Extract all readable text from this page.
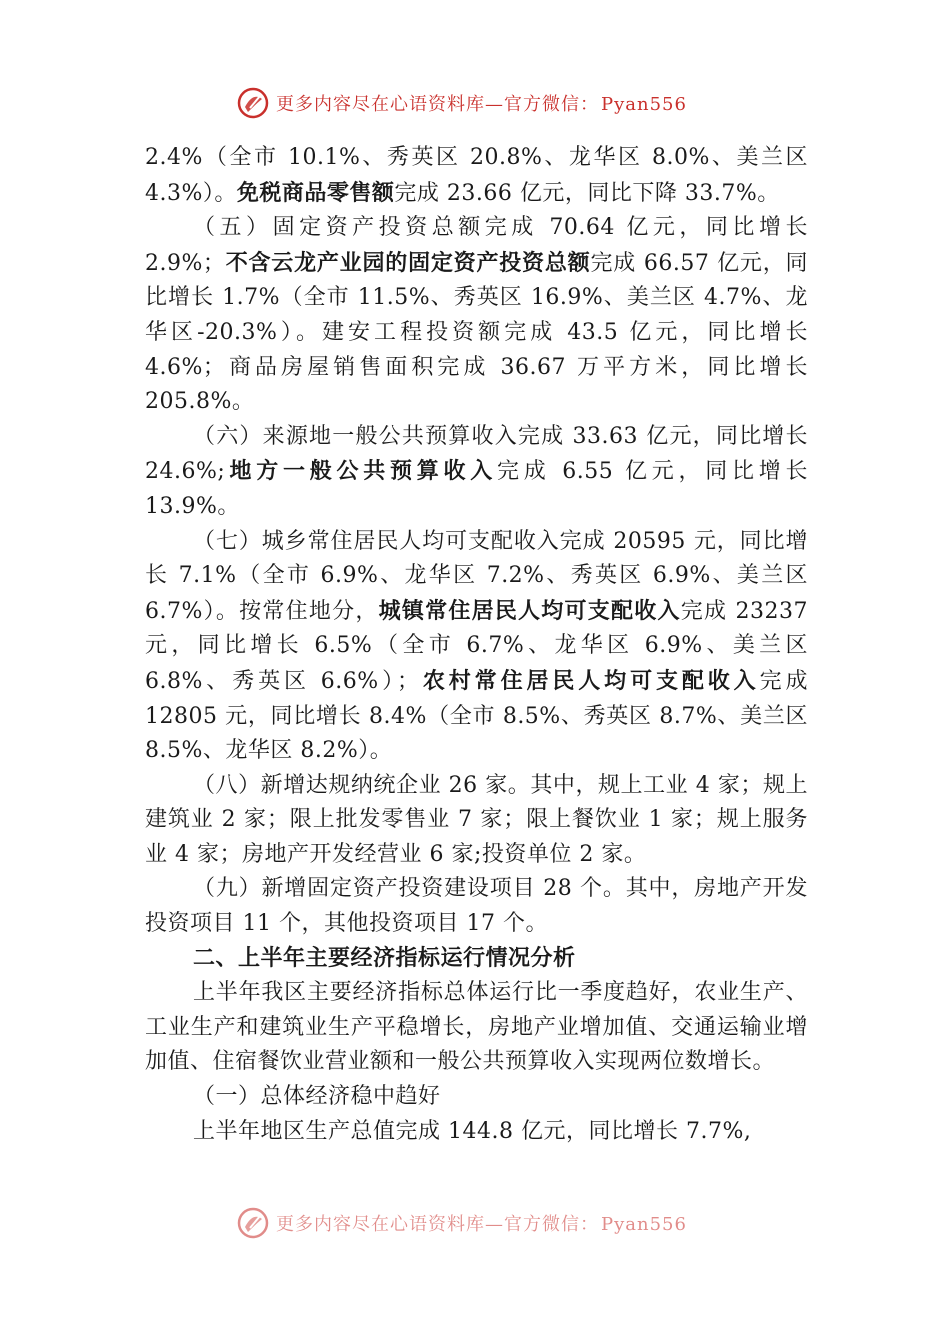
更多内容尽在心语资料库—官方微信： Pyan556

2.4%（全市 10.1%、秀英区 20.8%、龙华区 8.0%、美兰区 4.3%）。免税商品零售额完成 23.66 亿元，同比下降 33.7%。

（五）固定资产投资总额完成 70.64 亿元，同比增长 2.9%；不含云龙产业园的固定资产投资总额完成 66.57 亿元，同比增长 1.7%（全市 11.5%、秀英区 16.9%、美兰区 4.7%、龙华区-20.3%）。建安工程投资额完成 43.5 亿元，同比增长 4.6%；商品房屋销售面积完成 36.67 万平方米，同比增长 205.8%。

（六）来源地一般公共预算收入完成 33.63 亿元，同比增长 24.6%;地方一般公共预算收入完成 6.55 亿元，同比增长 13.9%。

（七）城乡常住居民人均可支配收入完成 20595 元，同比增长 7.1%（全市 6.9%、龙华区 7.2%、秀英区 6.9%、美兰区 6.7%）。按常住地分，城镇常住居民人均可支配收入完成 23237 元，同比增长 6.5%（全市 6.7%、龙华区 6.9%、美兰区 6.8%、秀英区 6.6%）；农村常住居民人均可支配收入完成 12805 元，同比增长 8.4%（全市 8.5%、秀英区 8.7%、美兰区 8.5%、龙华区 8.2%）。

（八）新增达规纳统企业 26 家。其中，规上工业 4 家；规上建筑业 2 家；限上批发零售业 7 家；限上餐饮业 1 家；规上服务业 4 家；房地产开发经营业 6 家;投资单位 2 家。

（九）新增固定资产投资建设项目 28 个。其中，房地产开发投资项目 11 个，其他投资项目 17 个。

二、上半年主要经济指标运行情况分析

上半年我区主要经济指标总体运行比一季度趋好，农业生产、工业生产和建筑业生产平稳增长，房地产业增加值、交通运输业增加值、住宿餐饮业营业额和一般公共预算收入实现两位数增长。

（一）总体经济稳中趋好

上半年地区生产总值完成 144.8 亿元，同比增长 7.7%,

更多内容尽在心语资料库—官方微信： Pyan556
